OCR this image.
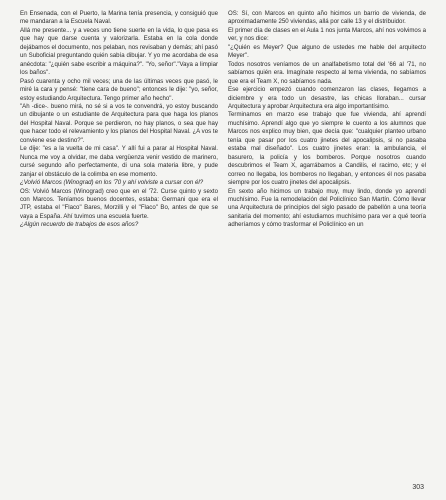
En Ensenada, con el Puerto, la Marina tenía presencia, y consiguió que me mandaran a la Escuela Naval.

Allá me presente... y a veces uno tiene suerte en la vida, lo que pasa es que hay que darse cuenta y valorizarla. Estaba en la cola donde dejábamos el documento, nos pelaban, nos revisaban y demás; ahí pasó un Suboficial preguntando quién sabía dibujar. Y yo me acordaba de esa anécdota: "¿quién sabe escribir a máquina?". "Yo, señor"."Vaya a limpiar los baños".

Pasó cuarenta y ocho mil veces; una de las últimas veces que pasó, le miré la cara y pensé: "tiene cara de bueno"; entonces le dije: "yo, señor, estoy estudiando Arquitectura. Tengo primer año hecho".

"Ah -dice-. bueno mirá, no sé si a vos te convendrá, yo estoy buscando un dibujante o un estudiante de Arquitectura para que haga los planos del Hospital Naval. Porque se perdieron, no hay planos, o sea que hay que hacer todo el relevamiento y los planos del Hospital Naval. ¿A vos te conviene ese destino?".

Le dije: "es a la vuelta de mi casa". Y allí fui a parar al Hospital Naval. Nunca me voy a olvidar, me daba vergüenza venir vestido de marinero, cursé segundo año perfectamente, di una sola materia libre, y pude zanjar el obstáculo de la colimba en ese momento.

¿Volvió Marcos (Winograd) en los '70 y ahí volviste a cursar con él?

OS: Volvió Marcos (Winograd) creo que en el '72. Curse quinto y sexto con Marcos. Teníamos buenos docentes, estaba: Germani que era el JTP, estaba el "Flaco" Bares, Morzilli y el "Flaco" Bo, antes de que se vaya a España. Ahí tuvimos una escuela fuerte.

¿Algún recuerdo de trabajos de esos años?

OS: Sí, con Marcos en quinto año hicimos un barrio de vivienda, de aproximadamente 250 viviendas, allá por calle 13 y el distribuidor.

El primer día de clases en el Aula 1 nos junta Marcos, ahí nos volvimos a ver, y nos dice:

"¿Quién es Meyer? Que alguno de ustedes me hable del arquitecto Meyer".

Todos nosotros veníamos de un analfabetismo total del '66 al '71, no sabíamos quién era. Imagínate respecto al tema vivienda, no sabíamos que era el Team X, no sabíamos nada.

Ese ejercicio empezó cuando comenzaron las clases, llegamos a diciembre y era todo un desastre, las chicas lloraban... cursar Arquitectura y aprobar Arquitectura era algo importantísimo.

Terminamos en marzo ese trabajo que fue vivienda, ahí aprendí muchísimo. Aprendí algo que yo siempre le cuento a los alumnos que Marcos nos explico muy bien, que decía que: "cualquier planteo urbano tenía que pasar por los cuatro jinetes del apocalipsis, si no pasaba estaba mal diseñado". Los cuatro jinetes eran: la ambulancia, el basurero, la policía y los bomberos. Porque nosotros cuando descubrimos el Team X, agarrábamos a Candilis, el racimo, etc; y el correo no llegaba, los bomberos no llegaban, y entonces él nos pasaba siempre por los cuatro jinetes del apocalipsis.

En sexto año hicimos un trabajo muy, muy lindo, donde yo aprendí muchísimo. Fue la remodelación del Policlínico San Martín. Cómo llevar una Arquitectura de principios del siglo pasado de pabellón a una teoría sanitaria del momento; ahí estudiamos muchísimo para ver a qué teoría adheríamos y cómo trasformar el Policlínico en un

303
